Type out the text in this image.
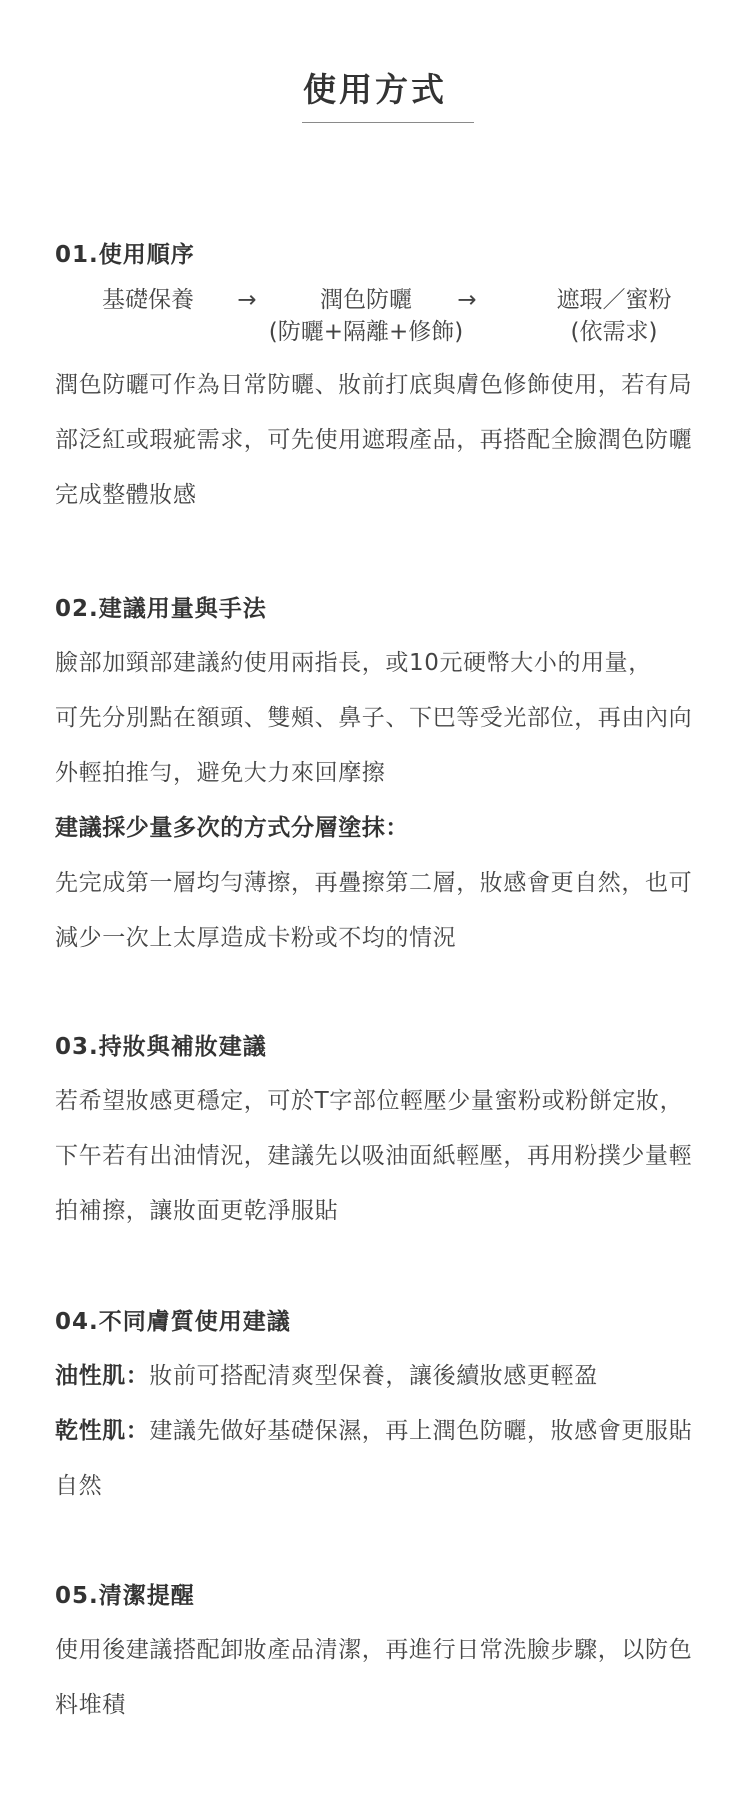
使用方式
01.使用順序
基礎保養	→	潤色防曬
(防曬+隔離+修飾)
→	遮瑕／蜜粉
(依需求)
潤色防曬可作為日常防曬、妝前打底與膚色修飾使用，若有局部泛紅或瑕疵需求，可先使用遮瑕產品，再搭配全臉潤色防曬完成整體妝感
02.建議用量與手法
臉部加頸部建議約使用兩指長，或10元硬幣大小的用量，
可先分別點在額頭、雙頰、鼻子、下巴等受光部位，再由內向外輕拍推勻，避免大力來回摩擦
建議採少量多次的方式分層塗抹：
先完成第一層均勻薄擦，再疊擦第二層，妝感會更自然，也可減少一次上太厚造成卡粉或不均的情況
03.持妝與補妝建議
若希望妝感更穩定，可於T字部位輕壓少量蜜粉或粉餅定妝，
下午若有出油情況，建議先以吸油面紙輕壓，再用粉撲少量輕拍補擦，讓妝面更乾淨服貼
04.不同膚質使用建議
油性肌：妝前可搭配清爽型保養，讓後續妝感更輕盈
乾性肌：建議先做好基礎保濕，再上潤色防曬，妝感會更服貼自然
05.清潔提醒
使用後建議搭配卸妝產品清潔，再進行日常洗臉步驟，以防色料堆積
